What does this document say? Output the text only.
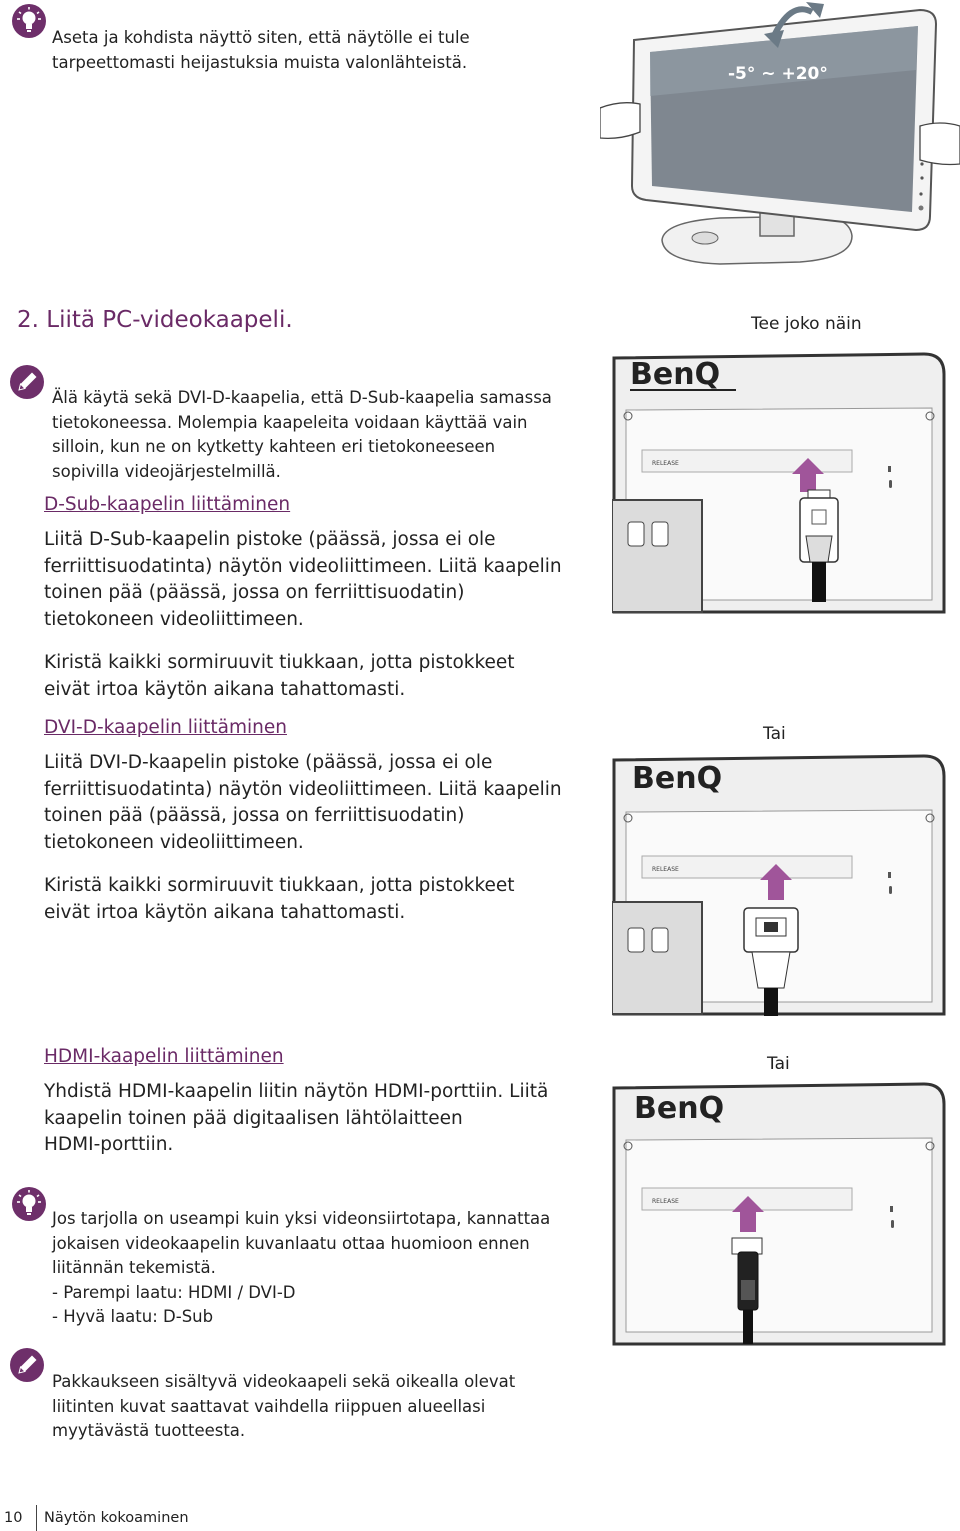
Aseta ja kohdista näyttö siten, että näytölle ei tule
tarpeettomasti heijastuksia muista valonlähteistä.
-5° ~ +20°
2. Liitä PC-videokaapeli.	Tee joko näin
Älä käytä sekä DVI-D-kaapelia, että D-Sub-kaapelia samassa
tietokoneessa. Molempia kaapeleita voidaan käyttää vain
silloin, kun ne on kytketty kahteen eri tietokoneeseen
sopivilla videojärjestelmillä.
D-Sub-kaapelin liittäminen
Liitä D-Sub-kaapelin pistoke (päässä, jossa ei ole
ferriittisuodatinta) näytön videoliittimeen. Liitä kaapelin
toinen pää (päässä, jossa on ferriittisuodatin)
tietokoneen videoliittimeen.
Kiristä kaikki sormiruuvit tiukkaan, jotta pistokkeet
eivät irtoa käytön aikana tahattomasti.
DVI-D-kaapelin liittäminen
Liitä DVI-D-kaapelin pistoke (päässä, jossa ei ole
ferriittisuodatinta) näytön videoliittimeen. Liitä kaapelin
toinen pää (päässä, jossa on ferriittisuodatin)
tietokoneen videoliittimeen.
Kiristä kaikki sormiruuvit tiukkaan, jotta pistokkeet
eivät irtoa käytön aikana tahattomasti.
HDMI-kaapelin liittäminen
Yhdistä HDMI-kaapelin liitin näytön HDMI-porttiin. Liitä
kaapelin toinen pää digitaalisen lähtölaitteen
HDMI-porttiin.
BenQ
RELEASE
Tai
BenQ
RELEASE
Tai
BenQ
RELEASE
Jos tarjolla on useampi kuin yksi videonsiirtotapa, kannattaa
jokaisen videokaapelin kuvanlaatu ottaa huomioon ennen
liitännän tekemistä.
- Parempi laatu: HDMI / DVI-D
- Hyvä laatu: D-Sub
Pakkaukseen sisältyvä videokaapeli sekä oikealla olevat
liitinten kuvat saattavat vaihdella riippuen alueellasi
myytävästä tuotteesta.
10 Näytön kokoaminen
